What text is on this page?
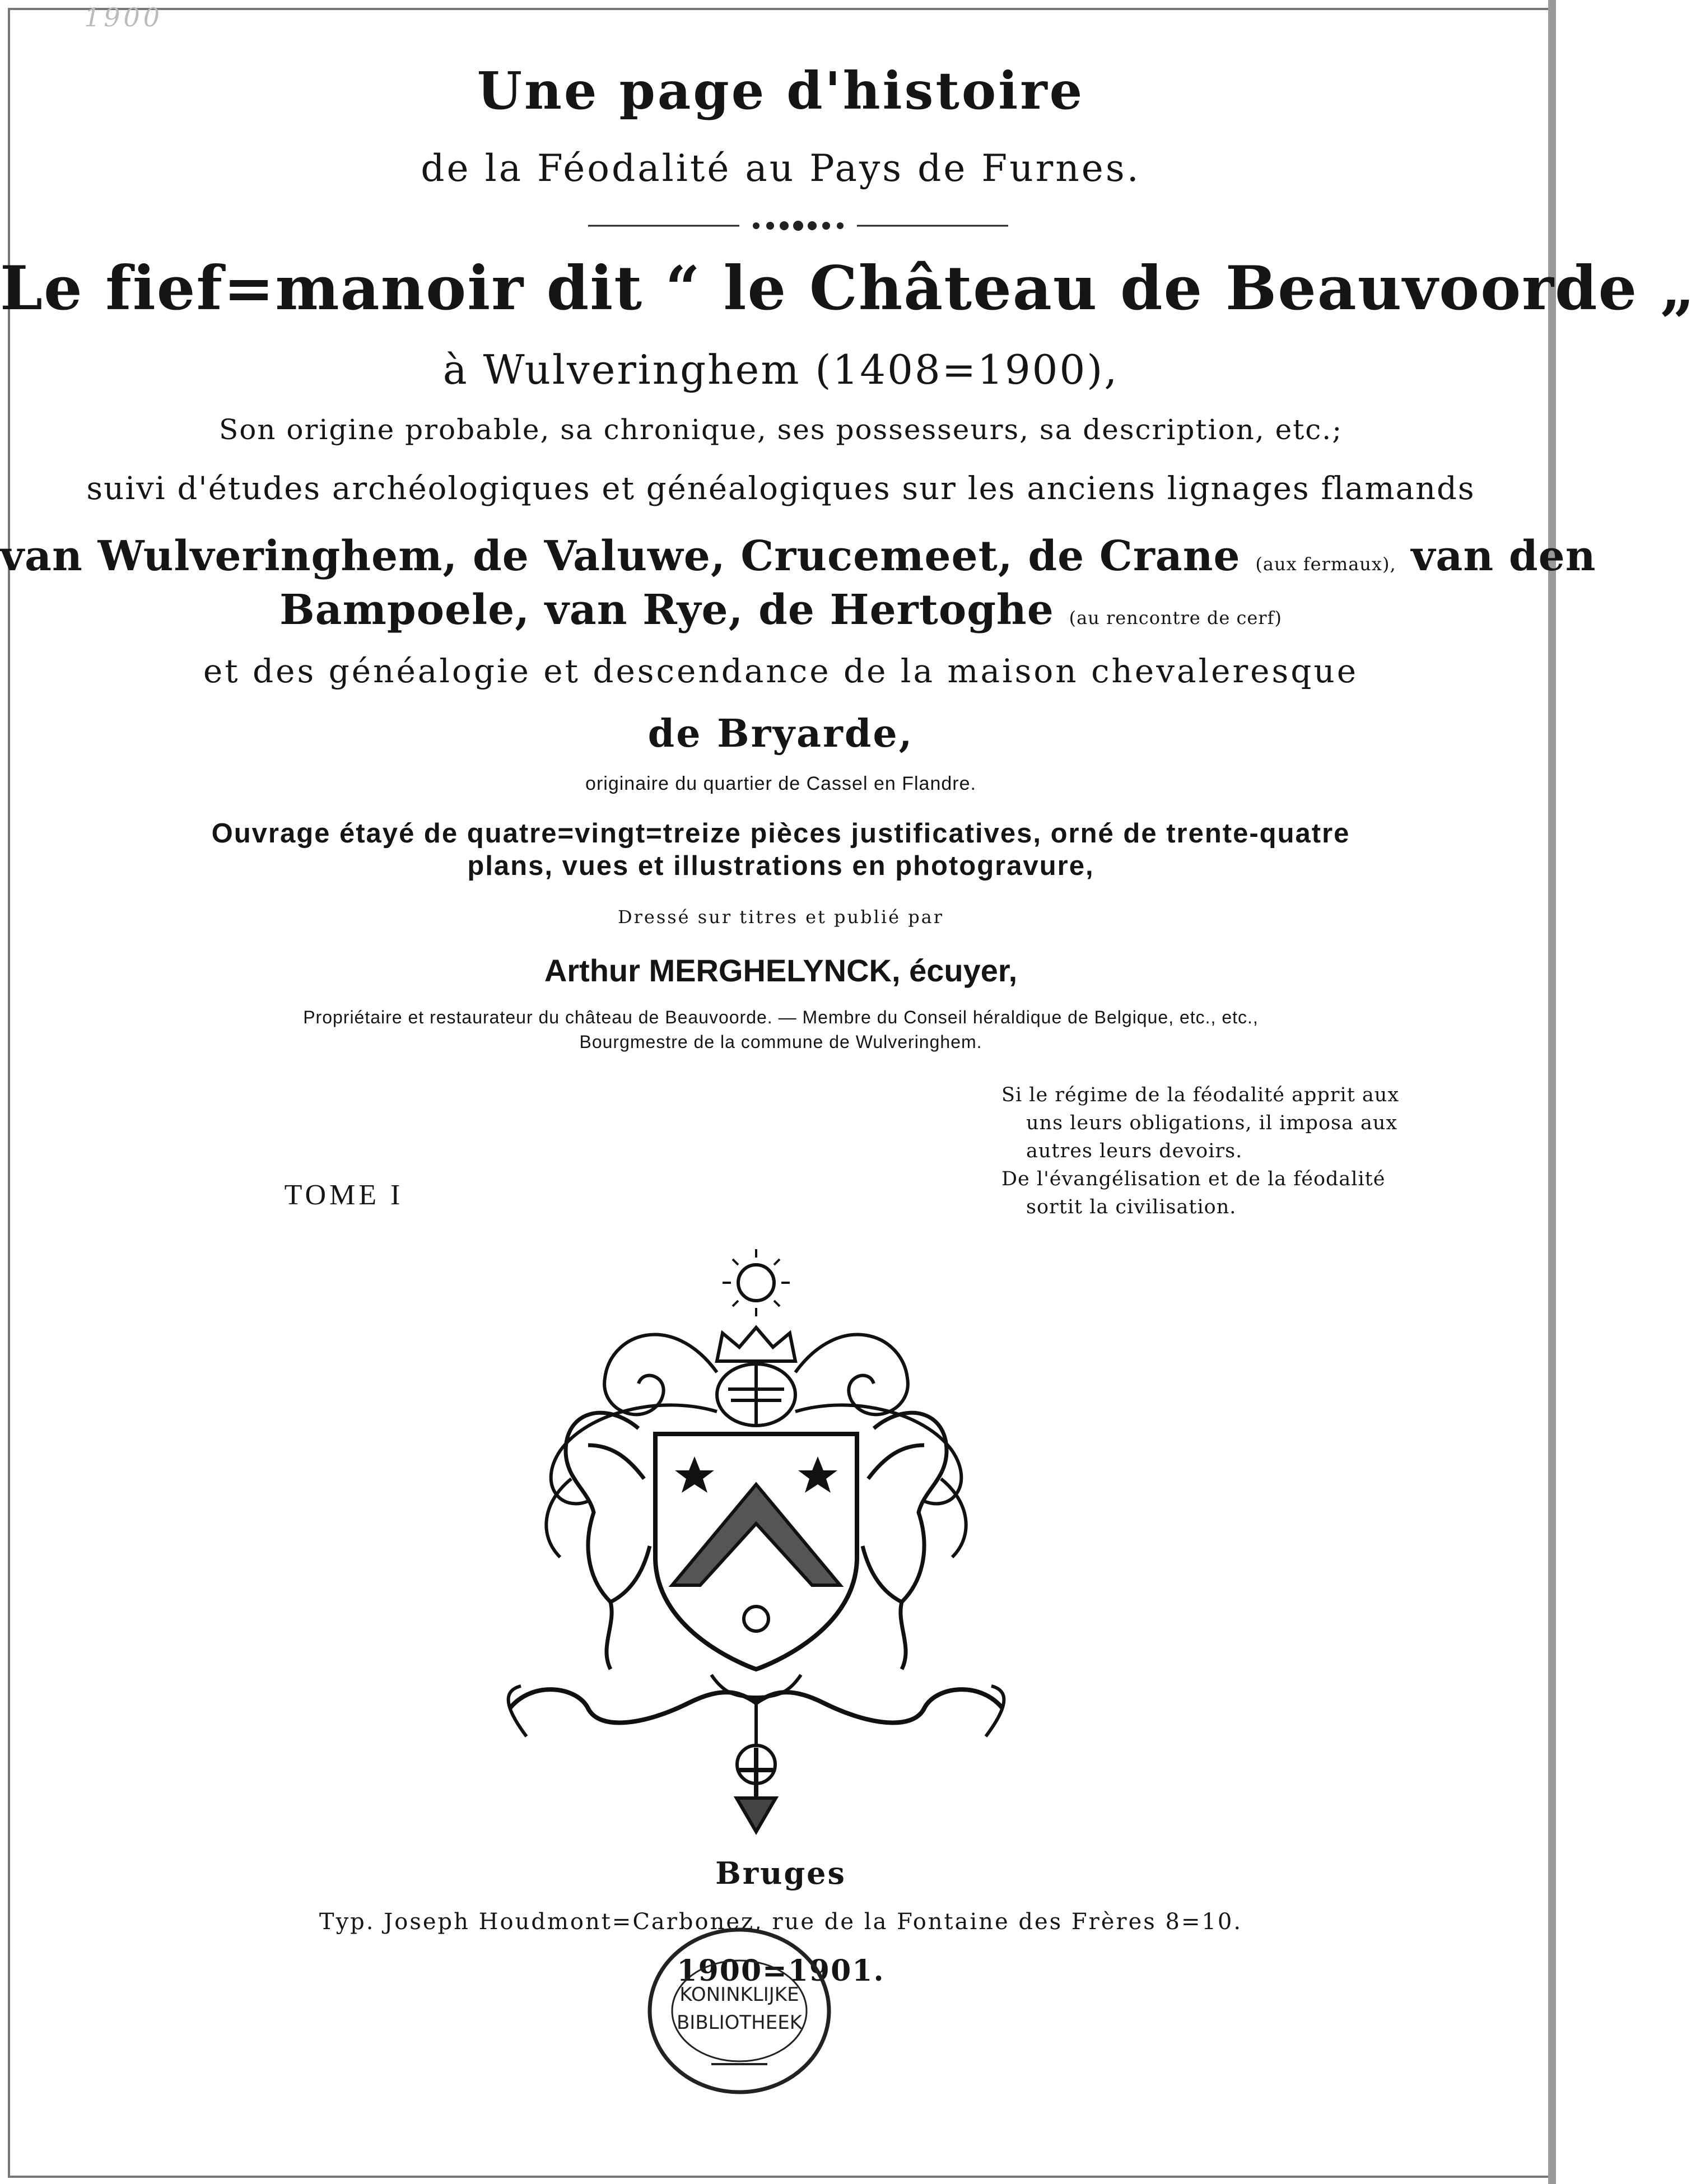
1900
Une page d'histoire
de la Féodalité au Pays de Furnes.
Le fief=manoir dit “ le Château de Beauvoorde „
à Wulveringhem (1408=1900),
Son origine probable, sa chronique, ses possesseurs, sa description, etc.;
suivi d'études archéologiques et généalogiques sur les anciens lignages flamands
van Wulveringhem, de Valuwe, Crucemeet, de Crane (aux fermaux), van den
Bampoele, van Rye, de Hertoghe (au rencontre de cerf)
et des généalogie et descendance de la maison chevaleresque
de Bryarde,
originaire du quartier de Cassel en Flandre.
Ouvrage étayé de quatre=vingt=treize pièces justificatives, orné de trente-quatre
plans, vues et illustrations en photogravure,
Dressé sur titres et publié par
Arthur MERGHELYNCK, écuyer,
Propriétaire et restaurateur du château de Beauvoorde. — Membre du Conseil héraldique de Belgique, etc., etc.,
Bourgmestre de la commune de Wulveringhem.
Si le régime de la féodalité apprit aux
uns leurs obligations, il imposa aux
autres leurs devoirs.
De l'évangélisation et de la féodalité
sortit la civilisation.
TOME I
Bruges
Typ. Joseph Houdmont=Carbonez, rue de la Fontaine des Frères 8=10.
1900=1901.
KONINKLIJKE
BIBLIOTHEEK
